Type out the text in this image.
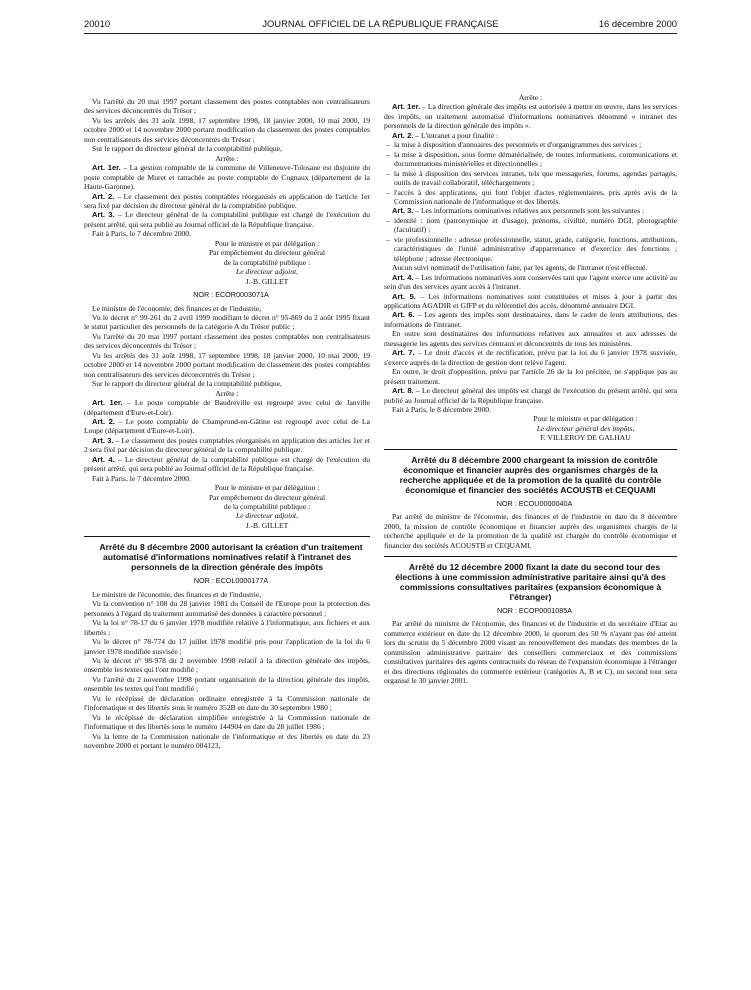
20010	JOURNAL OFFICIEL DE LA RÉPUBLIQUE FRANÇAISE	16 décembre 2000

Vu l'arrêté du 20 mai 1997 portant classement des postes comptables non centralisateurs des services déconcentrés du Trésor ;

Vu les arrêtés des 31 août 1998, 17 septembre 1998, 18 janvier 2000, 10 mai 2000, 19 octobre 2000 et 14 novembre 2000 portant modification du classement des postes comptables non centralisateurs des services déconcentrés du Trésor ;

Sur le rapport du directeur général de la comptabilité publique,

Arrête :

Art. 1er. – La gestion comptable de la commune de Villeneuve-Tolosane est disjointe du poste comptable de Muret et rattachée au poste comptable de Cugnaux (département de la Haute-Garonne).

Art. 2. – Le classement des postes comptables réorganisés en application de l'article 1er sera fixé par décision du directeur général de la comptabilité publique.

Art. 3. – Le directeur général de la comptabilité publique est chargé de l'exécution du présent arrêté, qui sera publié au Journal officiel de la République française.

Fait à Paris, le 7 décembre 2000.

Pour le ministre et par délégation :
Par empêchement du directeur général
de la comptabilité publique :
Le directeur adjoint,
J.-B. GILLET

NOR : ECOR0003071A

Le ministre de l'économie, des finances et de l'industrie,

Vu le décret n° 99-261 du 2 avril 1999 modifiant le décret n° 95-869 du 2 août 1995 fixant le statut particulier des personnels de la catégorie A du Trésor public ;

Vu l'arrêté du 20 mai 1997 portant classement des postes comptables non centralisateurs des services déconcentrés du Trésor ;

Vu les arrêtés des 31 août 1998, 17 septembre 1998, 18 janvier 2000, 10 mai 2000, 19 octobre 2000 et 14 novembre 2000 portant modification du classement des postes comptables non centralisateurs des services déconcentrés du Trésor ;

Sur le rapport du directeur général de la comptabilité publique,

Arrête :

Art. 1er. – Le poste comptable de Baudreville est regroupé avec celui de Janville (département d'Eure-et-Loir).

Art. 2. – Le poste comptable de Champrond-en-Gâtine est regroupé avec celui de La Loupe (département d'Eure-et-Loir).

Art. 3. – Le classement des postes comptables réorganisés en application des articles 1er et 2 sera fixé par décision du directeur général de la comptabilité publique.

Art. 4. – Le directeur général de la comptabilité publique est chargé de l'exécution du présent arrêté, qui sera publié au Journal officiel de la République française.

Fait à Paris, le 7 décembre 2000.

Pour le ministre et par délégation :
Par empêchement du directeur général
de la comptabilité publique :
Le directeur adjoint,
J.-B. GILLET

Arrêté du 8 décembre 2000 autorisant la création d'un traitement automatisé d'informations nominatives relatif à l'intranet des personnels de la direction générale des impôts

NOR : ECOL0000177A

Le ministre de l'économie, des finances et de l'industrie,

Vu la convention n° 108 du 28 janvier 1981 du Conseil de l'Europe pour la protection des personnes à l'égard du traitement automatisé des données à caractère personnel ;

Vu la loi n° 78-17 du 6 janvier 1978 modifiée relative à l'informatique, aux fichiers et aux libertés ;

Vu le décret n° 78-774 du 17 juillet 1978 modifié pris pour l'application de la loi du 6 janvier 1978 modifiée susvisée ;

Vu le décret n° 98-978 du 2 novembre 1998 relatif à la direction générale des impôts, ensemble les textes qui l'ont modifié ;

Vu l'arrêté du 2 novembre 1998 portant organisation de la direction générale des impôts, ensemble les textes qui l'ont modifié ;

Vu le récépissé de déclaration ordinaire enregistrée à la Commission nationale de l'informatique et des libertés sous le numéro 352B en date du 30 septembre 1980 ;

Vu le récépissé de déclaration simplifiée enregistrée à la Commission nationale de l'informatique et des libertés sous le numéro 144904 en date du 28 juillet 1986 ;

Vu la lettre de la Commission nationale de l'informatique et des libertés en date du 23 novembre 2000 et portant le numéro 004123,

Arrête :

Art. 1er. – La direction générale des impôts est autorisée à mettre en œuvre, dans les services des impôts, un traitement automatisé d'informations nominatives dénommé « intranet des personnels de la direction générale des impôts ».

Art. 2. – L'intranet a pour finalité :

– la mise à disposition d'annuaires des personnels et d'organigrammes des services ;
– la mise à disposition, sous forme dématérialisée, de toutes informations, communications et documentations ministérielles et directionnelles ;
– la mise à disposition des services intranet, tels que messageries, forums, agendas partagés, outils de travail collaboratif, téléchargements ;
– l'accès à des applications, qui font l'objet d'actes réglementaires, pris après avis de la Commission nationale de l'informatique et des libertés.

Art. 3. – Les informations nominatives relatives aux personnels sont les suivantes :

– identité : nom (patronymique et d'usage), prénoms, civilité, numéro DGI, photographie (facultatif) ;
– vie professionnelle : adresse professionnelle, statut, grade, catégorie, fonctions, attributions, caractéristiques de l'unité administrative d'appartenance et d'exercice des fonctions ; téléphone ; adresse électronique.

Aucun suivi nominatif de l'utilisation faite, par les agents, de l'intranet n'est effectué.

Art. 4. – Les informations nominatives sont conservées tant que l'agent exerce une activité au sein d'un des services ayant accès à l'intranet.

Art. 5. – Les informations nominatives sont constituées et mises à jour à partir des applications AGADIR et GIFP et du référentiel des accès, dénommé annuaire DGI.

Art. 6. – Les agents des impôts sont destinataires, dans le cadre de leurs attributions, des informations de l'intranet.

En outre sont destinataires des informations relatives aux annuaires et aux adresses de messagerie les agents des services centraux et déconcentrés de tous les ministères.

Art. 7. – Le droit d'accès et de rectification, prévu par la loi du 6 janvier 1978 susvisée, s'exerce auprès de la direction de gestion dont relève l'agent.

En outre, le droit d'opposition, prévu par l'article 26 de la loi précitée, ne s'applique pas au présent traitement.

Art. 8. – Le directeur général des impôts est chargé de l'exécution du présent arrêté, qui sera publié au Journal officiel de la République française.

Fait à Paris, le 8 décembre 2000.

Pour le ministre et par délégation :
Le directeur général des impôts,
F. VILLEROY DE GALHAU

Arrêté du 8 décembre 2000 chargeant la mission de contrôle économique et financier auprès des organismes chargés de la recherche appliquée et de la promotion de la qualité du contrôle économique et financier des sociétés ACOUSTB et CEQUAMI

NOR : ECOU0000040A

Par arrêté du ministre de l'économie, des finances et de l'industrie en date du 8 décembre 2000, la mission de contrôle économique et financier auprès des organismes chargés de la recherche appliquée et de la promotion de la qualité est chargée du contrôle économique et financier des sociétés ACOUSTB et CEQUAMI.

Arrêté du 12 décembre 2000 fixant la date du second tour des élections à une commission administrative paritaire ainsi qu'à des commissions consultatives paritaires (expansion économique à l'étranger)

NOR : ECOP0001085A

Par arrêté du ministre de l'économie, des finances et de l'industrie et du secrétaire d'Etat au commerce extérieur en date du 12 décembre 2000, le quorum des 50 % n'ayant pas été atteint lors du scrutin du 5 décembre 2000 visant au renouvellement des mandats des membres de la commission administrative paritaire des conseillers commerciaux et des commissions consultatives paritaires des agents contractuels du réseau de l'expansion économique à l'étranger et des directions régionales du commerce extérieur (catégories A, B et C), un second tour sera organisé le 30 janvier 2001.
